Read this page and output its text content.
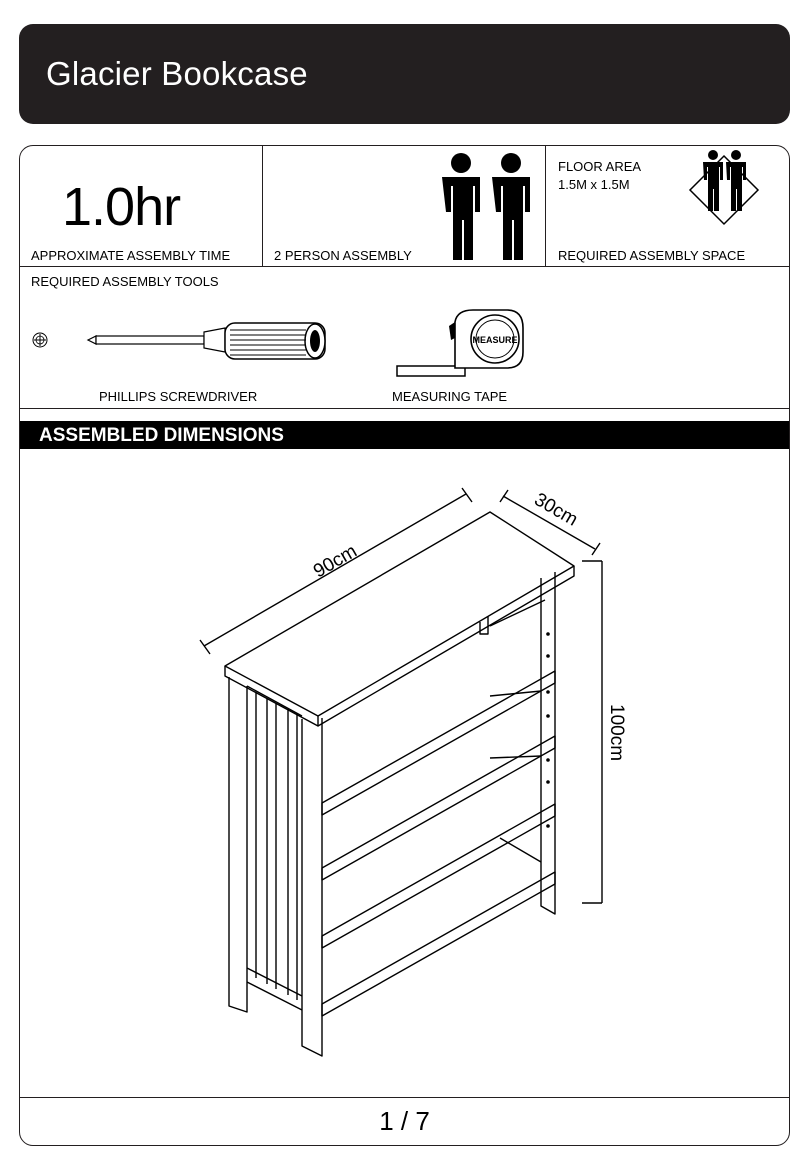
Glacier Bookcase
1.0hr
APPROXIMATE ASSEMBLY TIME	2 PERSON ASSEMBLY
FLOOR AREA
1.5M x 1.5M
REQUIRED ASSEMBLY SPACE
REQUIRED ASSEMBLY TOOLS
PHILLIPS SCREWDRIVER
MEASURE
MEASURING TAPE
ASSEMBLED DIMENSIONS
90cm
30cm
100cm
1 / 7
